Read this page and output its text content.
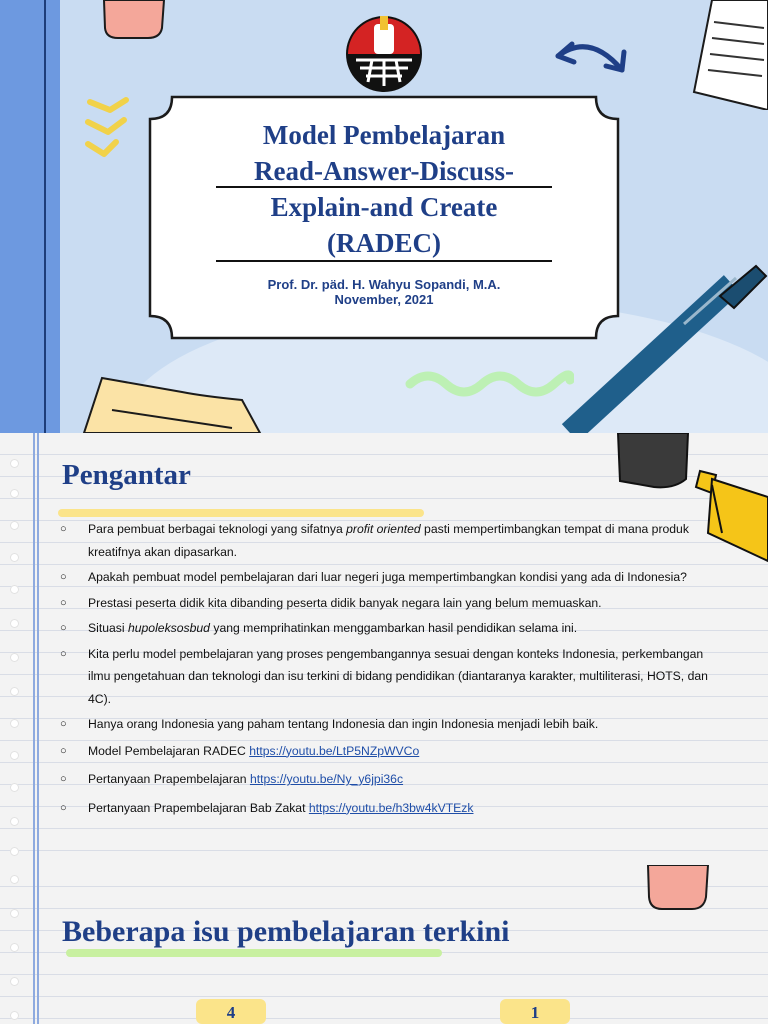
Model Pembelajaran
Read-Answer-Discuss-
Explain-and Create
(RADEC)
Prof. Dr. päd. H. Wahyu Sopandi, M.A.
November, 2021
Pengantar
○ Para pembuat berbagai teknologi yang sifatnya profit oriented pasti mempertimbangkan tempat di mana produk kreatifnya akan dipasarkan.
○ Apakah pembuat model pembelajaran dari luar negeri juga mempertimbangkan kondisi yang ada di Indonesia?
○ Prestasi peserta didik kita dibanding peserta didik banyak negara lain yang belum memuaskan.
○ Situasi hupoleksosbud yang memprihatinkan menggambarkan hasil pendidikan selama ini.
○ Kita perlu model pembelajaran yang proses pengembangannya sesuai dengan konteks Indonesia, perkembangan ilmu pengetahuan dan teknologi dan isu terkini di bidang pendidikan (diantaranya karakter, multiliterasi, HOTS, dan 4C).
○ Hanya orang Indonesia yang paham tentang Indonesia dan ingin Indonesia menjadi lebih baik.
○ Model Pembelajaran RADEC https://youtu.be/LtP5NZpWVCo
○ Pertanyaan Prapembelajaran https://youtu.be/Ny_y6jpi36c
○ Pertanyaan Prapembelajaran Bab Zakat https://youtu.be/h3bw4kVTEzk
Beberapa isu pembelajaran terkini
4	1
